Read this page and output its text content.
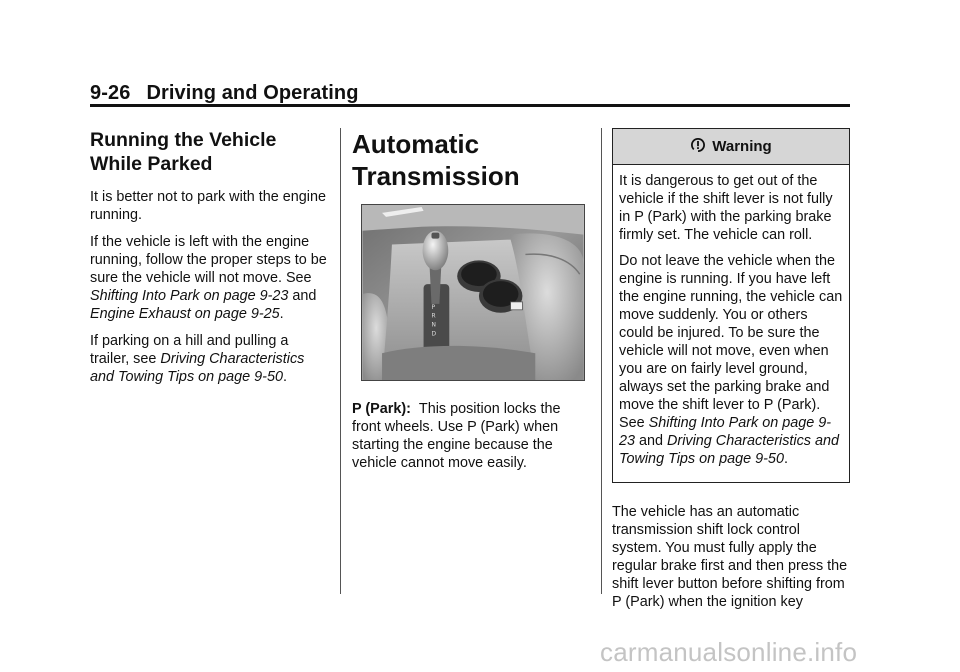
9-26 Driving and Operating
Running the Vehicle
While Parked

It is better not to park with the engine running.

If the vehicle is left with the engine running, follow the proper steps to be sure the vehicle will not move. See Shifting Into Park on page 9-23 and Engine Exhaust on page 9-25.

If parking on a hill and pulling a trailer, see Driving Characteristics and Towing Tips on page 9-50.

Automatic
Transmission
P
R
N
D

P (Park): This position locks the front wheels. Use P (Park) when starting the engine because the vehicle cannot move easily.

Warning

It is dangerous to get out of the vehicle if the shift lever is not fully in P (Park) with the parking brake firmly set. The vehicle can roll.

Do not leave the vehicle when the engine is running. If you have left the engine running, the vehicle can move suddenly. You or others could be injured. To be sure the vehicle will not move, even when you are on fairly level ground, always set the parking brake and move the shift lever to P (Park). See Shifting Into Park on page 9-23 and Driving Characteristics and Towing Tips on page 9-50.

The vehicle has an automatic transmission shift lock control system. You must fully apply the regular brake first and then press the shift lever button before shifting from P (Park) when the ignition key

carmanualsonline.info
